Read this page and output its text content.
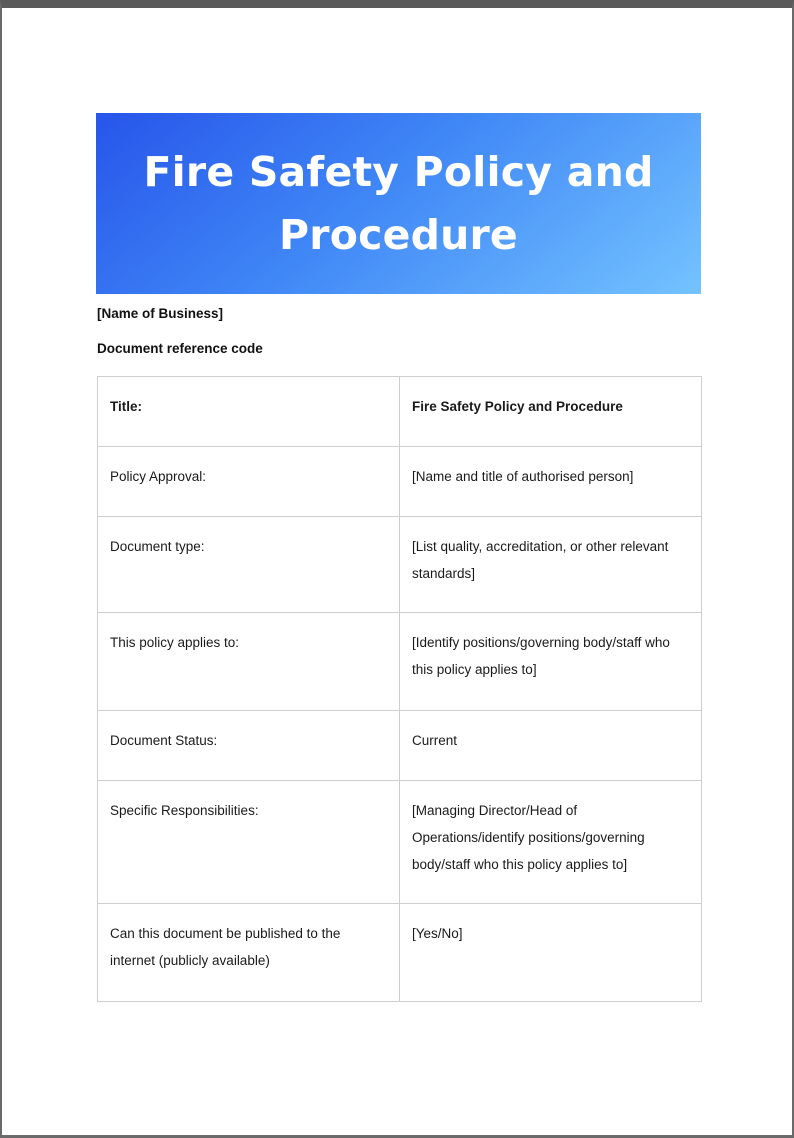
Fire Safety Policy and Procedure
[Name of Business]
Document reference code
Title:	Fire Safety Policy and Procedure

Policy Approval:	[Name and title of authorised person]

Document type:	[List quality, accreditation, or other relevant standards]

This policy applies to:	[Identify positions/governing body/staff who this policy applies to]

Document Status:	Current

Specific Responsibilities:	[Managing Director/Head of Operations/identify positions/governing body/staff who this policy applies to]

Can this document be published to the internet (publicly available)	[Yes/No]
